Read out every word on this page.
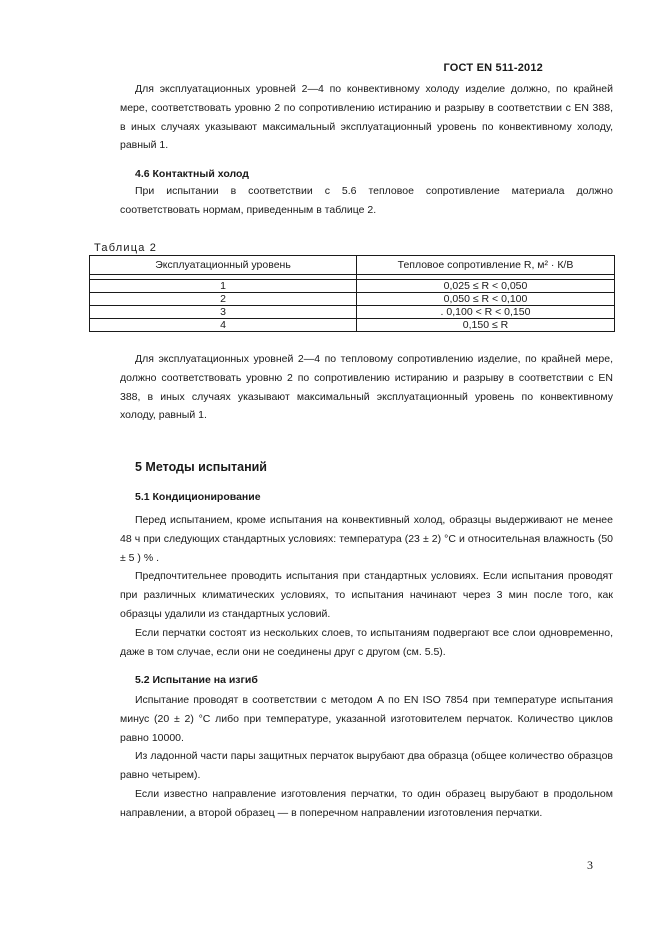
ГОСТ EN 511-2012

Для эксплуатационных уровней 2—4 по конвективному холоду изделие должно, по крайней мере, соответствовать уровню 2 по сопротивлению истиранию и разрыву в соответствии с EN 388, в иных случаях указывают максимальный эксплуатационный уровень по конвективному холоду, равный 1.

4.6 Контактный холод

При испытании в соответствии с 5.6 тепловое сопротивление материала должно соответствовать нормам, приведенным в таблице 2.

Таблица 2
Эксплуатационный уровень	Тепловое сопротивление R, м² · К/В

1	0,025 ≤ R < 0,050
2	0,050 ≤ R < 0,100
3	. 0,100 < R < 0,150
4	0,150 ≤ R

Для эксплуатационных уровней 2—4 по тепловому сопротивлению изделие, по крайней мере, должно соответствовать уровню 2 по сопротивлению истиранию и разрыву в соответствии с EN 388, в иных случаях указывают максимальный эксплуатационный уровень по конвективному холоду, равный 1.

5 Методы испытаний
5.1 Кондиционирование

Перед испытанием, кроме испытания на конвективный холод, образцы выдерживают не менее 48 ч при следующих стандартных условиях: температура (23 ± 2) °С и относительная влажность (50 ± 5 ) % .

Предпочтительнее проводить испытания при стандартных условиях. Если испытания проводят при различных климатических условиях, то испытания начинают через 3 мин после того, как образцы удалили из стандартных условий.

Если перчатки состоят из нескольких слоев, то испытаниям подвергают все слои одновременно, даже в том случае, если они не соединены друг с другом (см. 5.5).

5.2 Испытание на изгиб

Испытание проводят в соответствии с методом А по EN ISO 7854 при температуре испытания минус (20 ± 2) °С либо при температуре, указанной изготовителем перчаток. Количество циклов равно 10000.

Из ладонной части пары защитных перчаток вырубают два образца (общее количество образцов равно четырем).

Если известно направление изготовления перчатки, то один образец вырубают в продольном направлении, а второй образец — в поперечном направлении изготовления перчатки.

3
